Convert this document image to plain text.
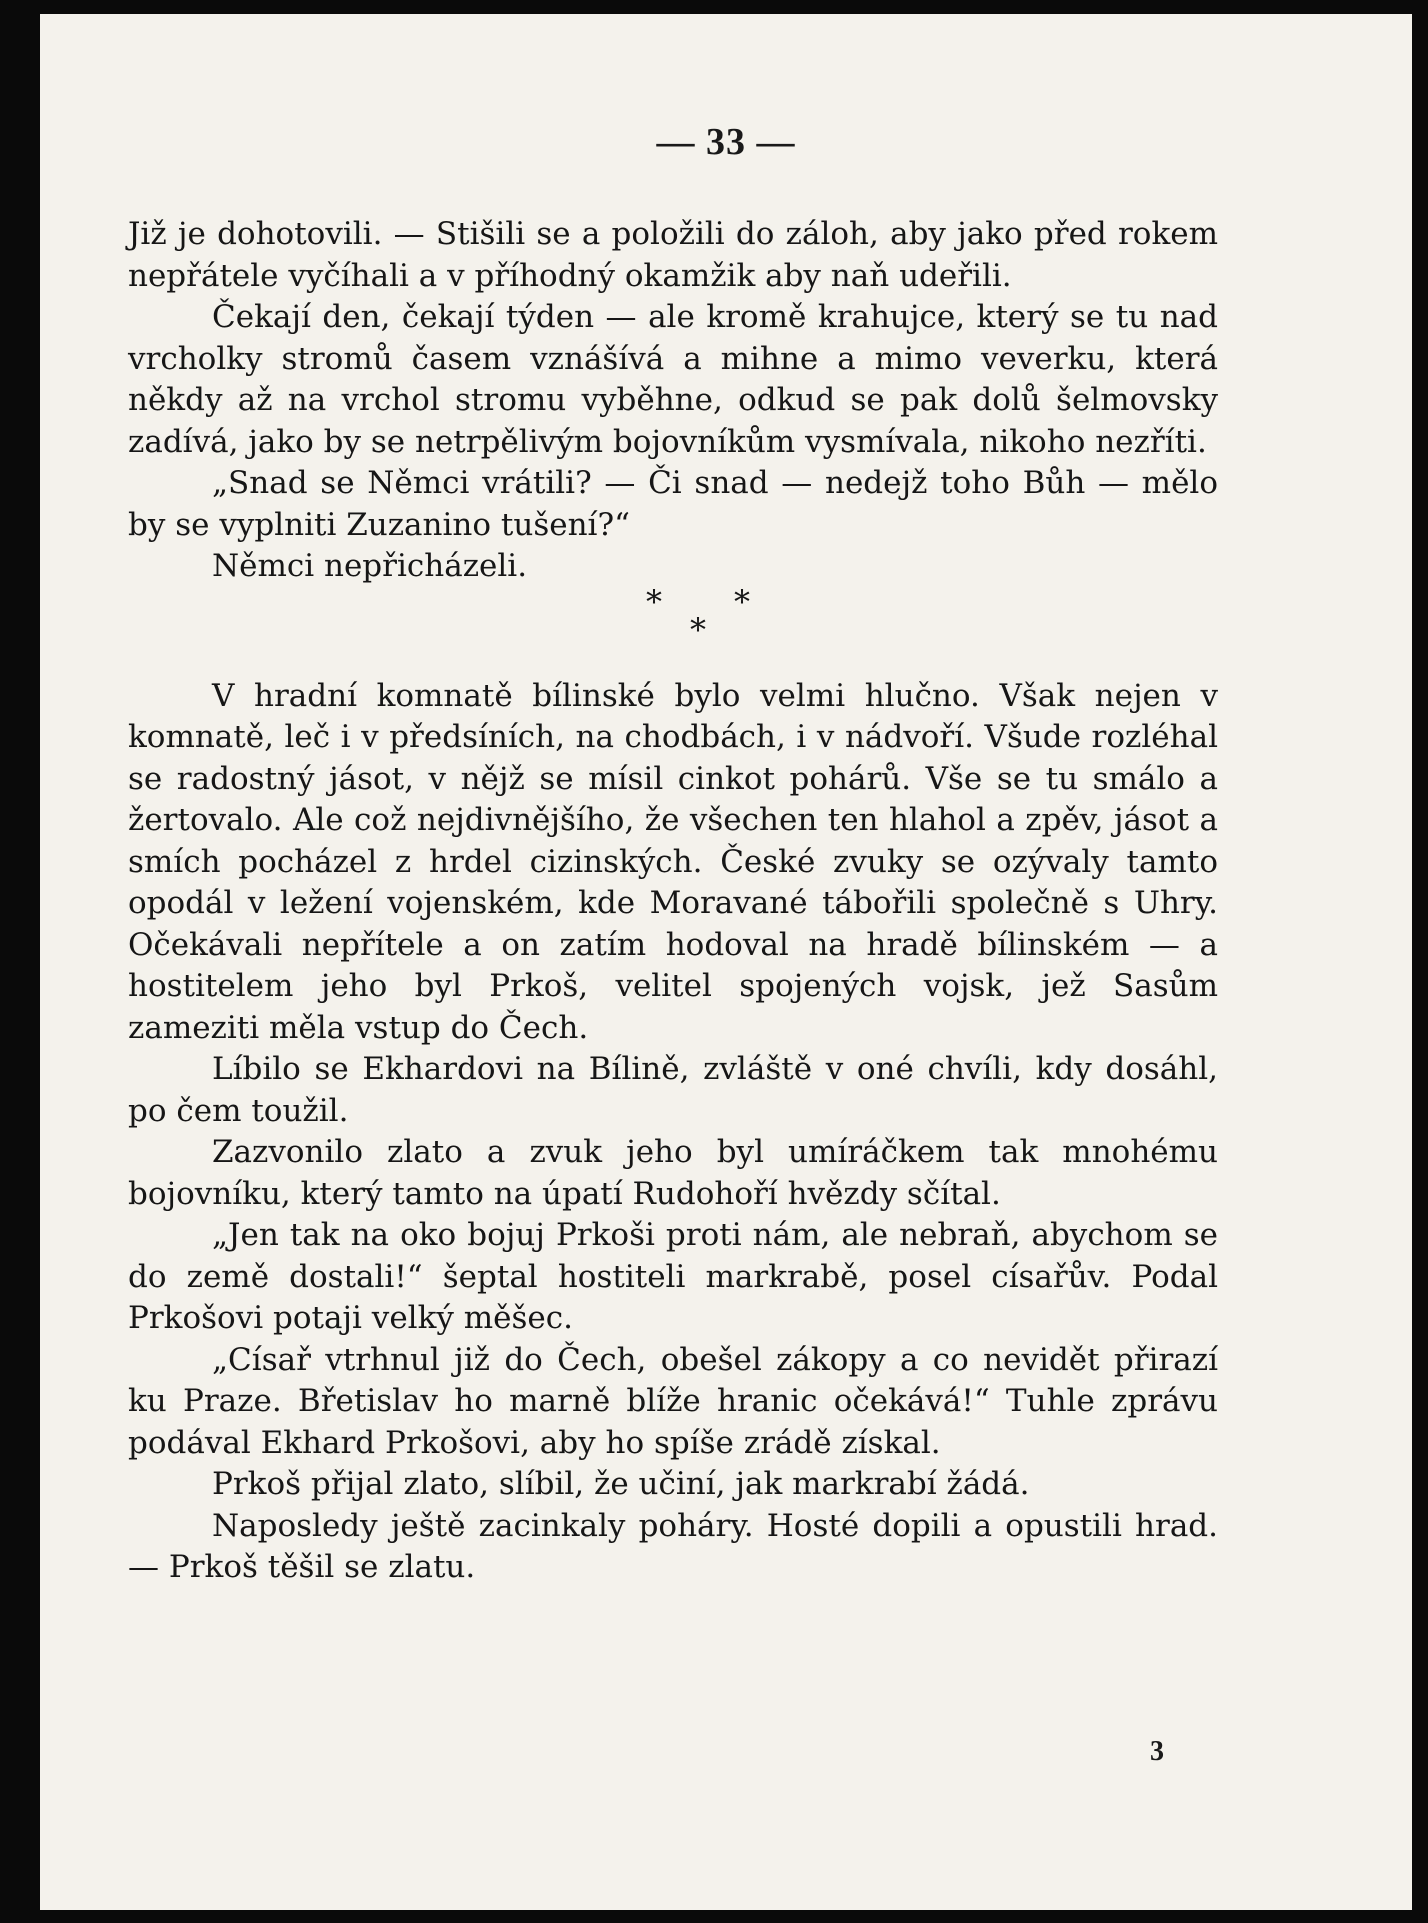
— 33 —

Již je dohotovili. — Stišili se a položili do záloh, aby jako před rokem nepřátele vyčíhali a v příhodný okamžik aby naň udeřili.

Čekají den, čekají týden — ale kromě krahujce, který se tu nad vrcholky stromů časem vznášívá a mihne a mimo veverku, která někdy až na vrchol stromu vyběhne, odkud se pak dolů šelmovsky zadívá, jako by se netrpělivým bojovníkům vysmívala, nikoho nezříti.

„Snad se Němci vrátili? — Či snad — nedejž toho Bůh — mělo by se vyplniti Zuzanino tušení?“

Němci nepřicházeli.

* *
*

V hradní komnatě bílinské bylo velmi hlučno. Však nejen v komnatě, leč i v předsíních, na chodbách, i v nádvoří. Všude rozléhal se radostný jásot, v nějž se mísil cinkot pohárů. Vše se tu smálo a žertovalo. Ale což nejdivnějšího, že všechen ten hlahol a zpěv, jásot a smích pocházel z hrdel cizinských. České zvuky se ozývaly tamto opodál v ležení vojenském, kde Moravané tábořili společně s Uhry. Očekávali nepřítele a on zatím hodoval na hradě bílinském — a hostitelem jeho byl Prkoš, velitel spojených vojsk, jež Sasům zameziti měla vstup do Čech.

Líbilo se Ekhardovi na Bílině, zvláště v oné chvíli, kdy dosáhl, po čem toužil.

Zazvonilo zlato a zvuk jeho byl umíráčkem tak mnohému bojovníku, který tamto na úpatí Rudohoří hvězdy sčítal.

„Jen tak na oko bojuj Prkoši proti nám, ale nebraň, abychom se do země dostali!“ šeptal hostiteli markrabě, posel císařův. Podal Prkošovi potaji velký měšec.

„Císař vtrhnul již do Čech, obešel zákopy a co nevidět přirazí ku Praze. Břetislav ho marně blíže hranic očekává!“ Tuhle zprávu podával Ekhard Prkošovi, aby ho spíše zrádě získal.

Prkoš přijal zlato, slíbil, že učiní, jak markrabí žádá.

Naposledy ještě zacinkaly poháry. Hosté dopili a opustili hrad. — Prkoš těšil se zlatu.

3
